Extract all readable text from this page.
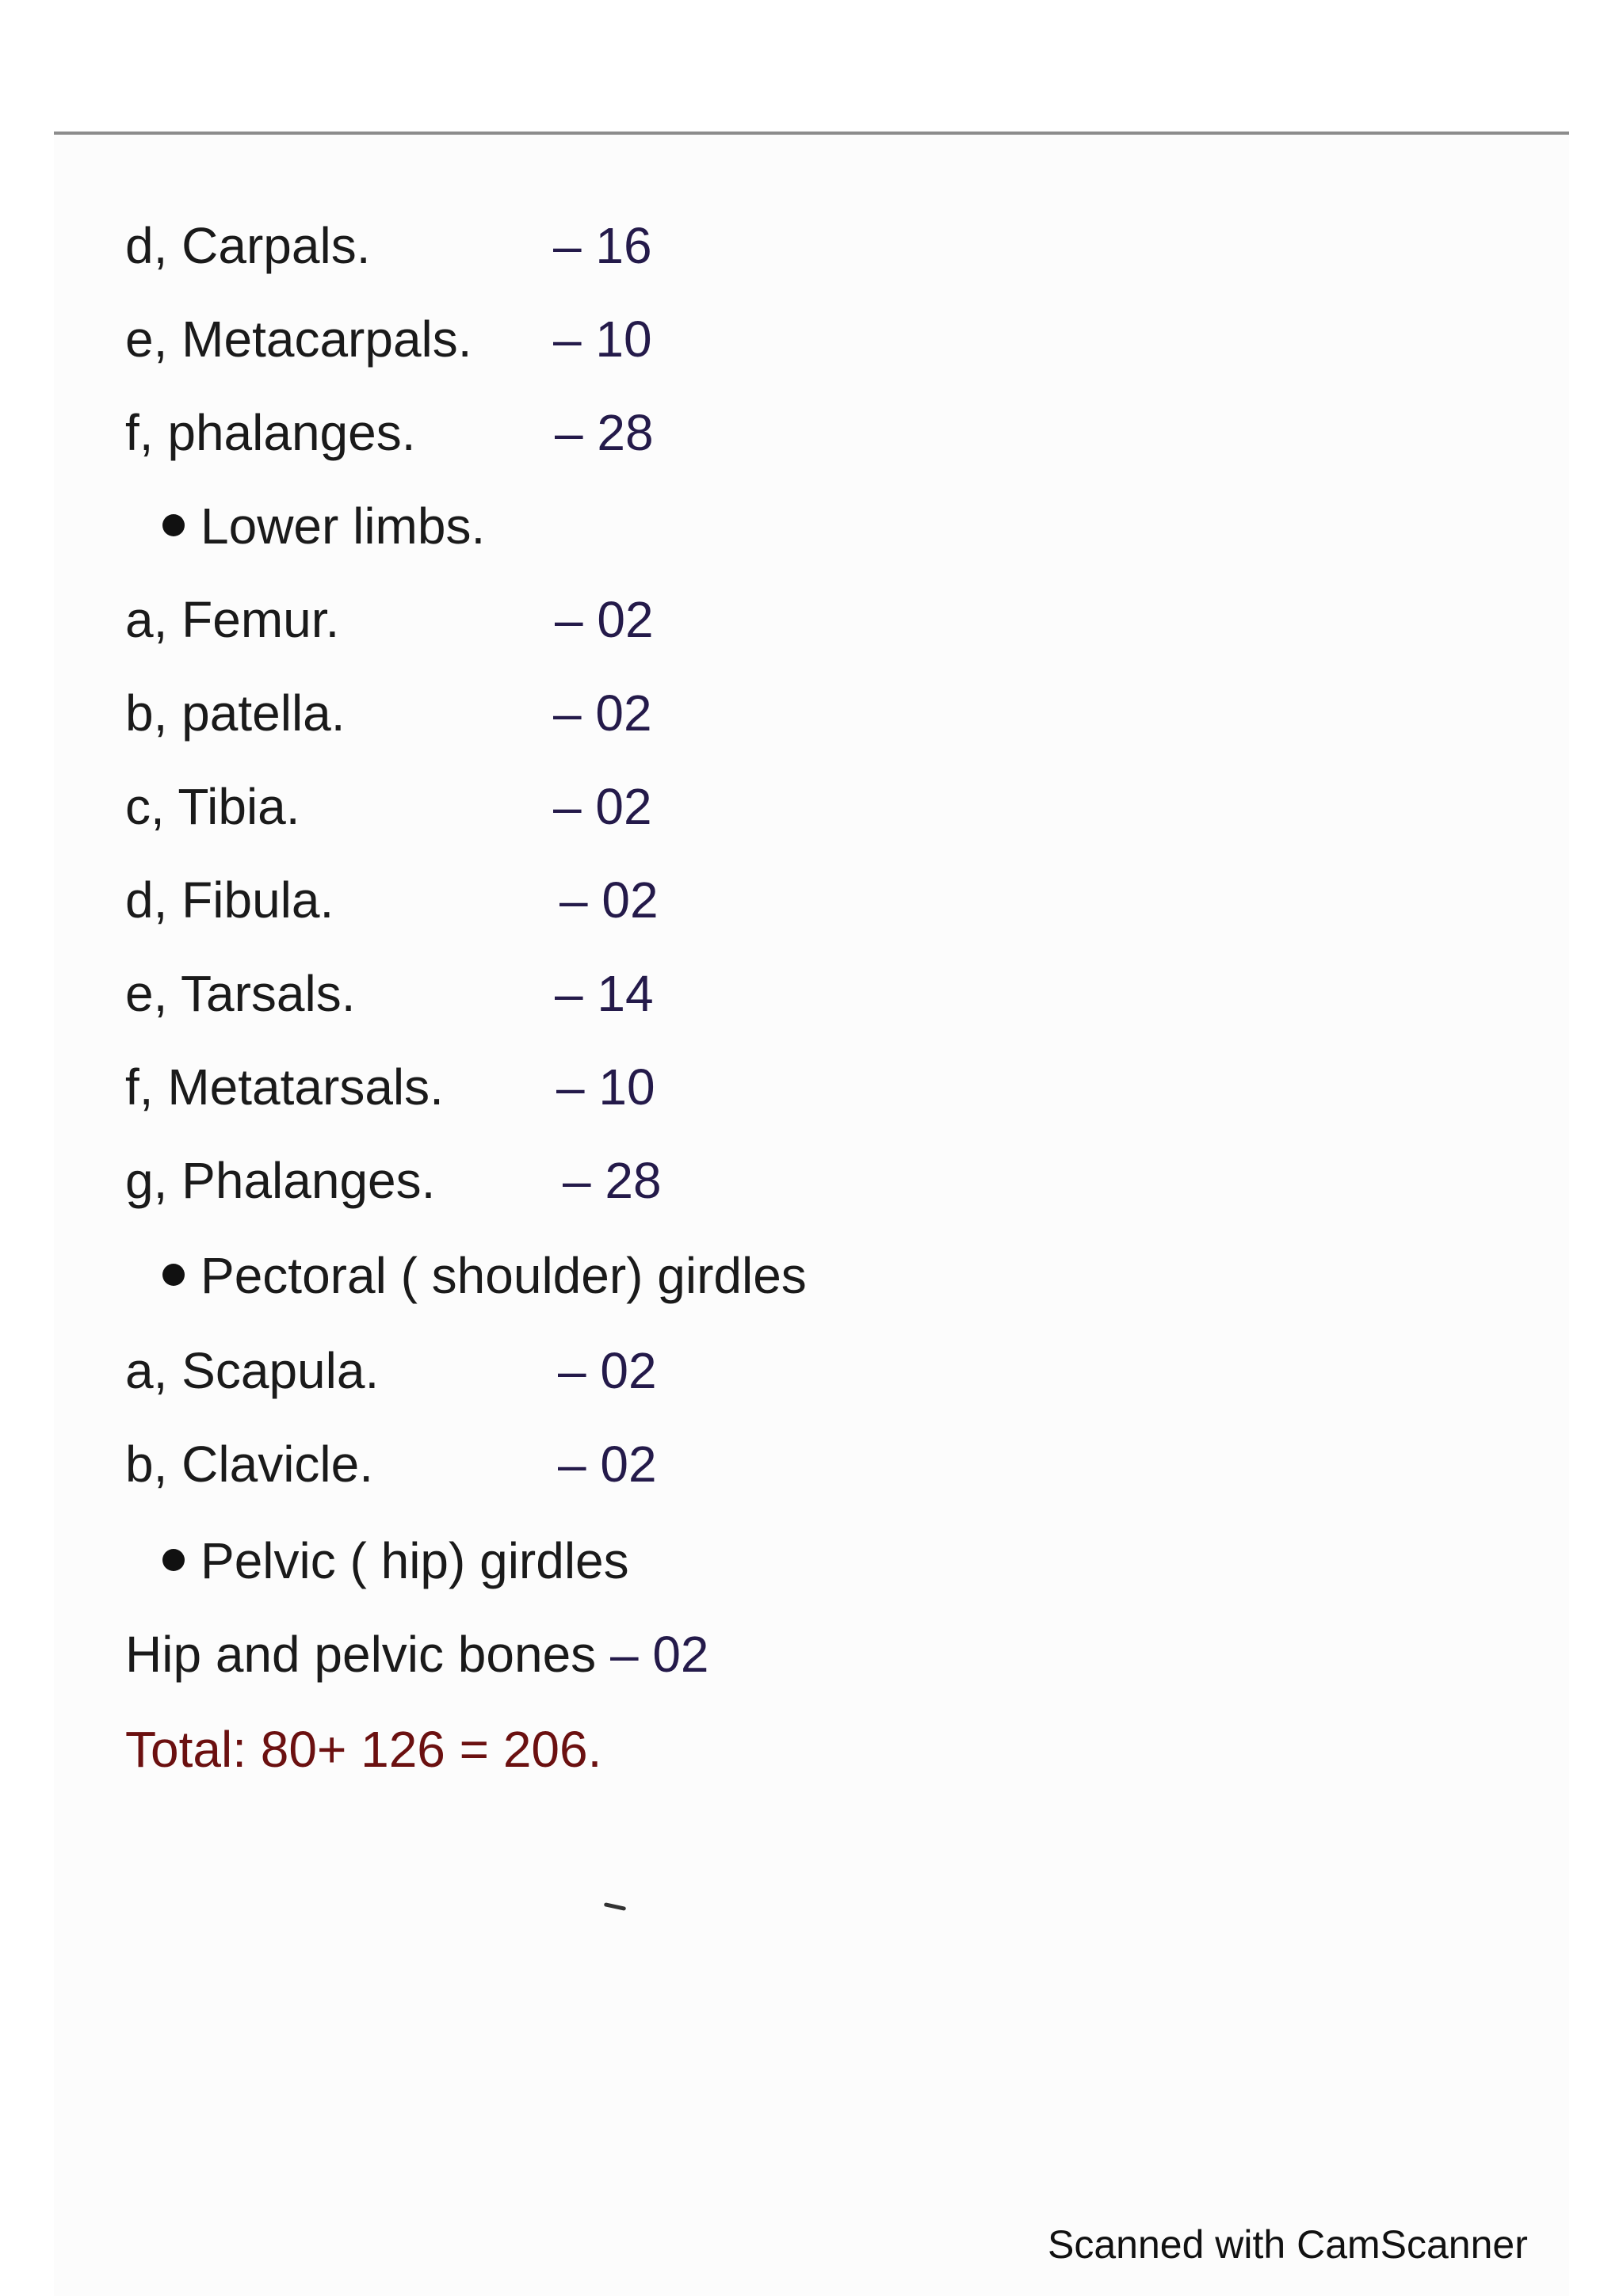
d, Carpals.	– 16
e, Metacarpals. – 10
f, phalanges.	– 28
Lower limbs.
a, Femur.	– 02
b, patella.	– 02
c, Tibia.	– 02
d, Fibula.	– 02
e, Tarsals.	– 14
f, Metatarsals. – 10
g, Phalanges.	– 28
Pectoral ( shoulder) girdles
a, Scapula.	– 02
b, Clavicle.	– 02
Pelvic ( hip) girdles
Hip and pelvic bones – 02
Total: 80+ 126 = 206.
Scanned with CamScanner
